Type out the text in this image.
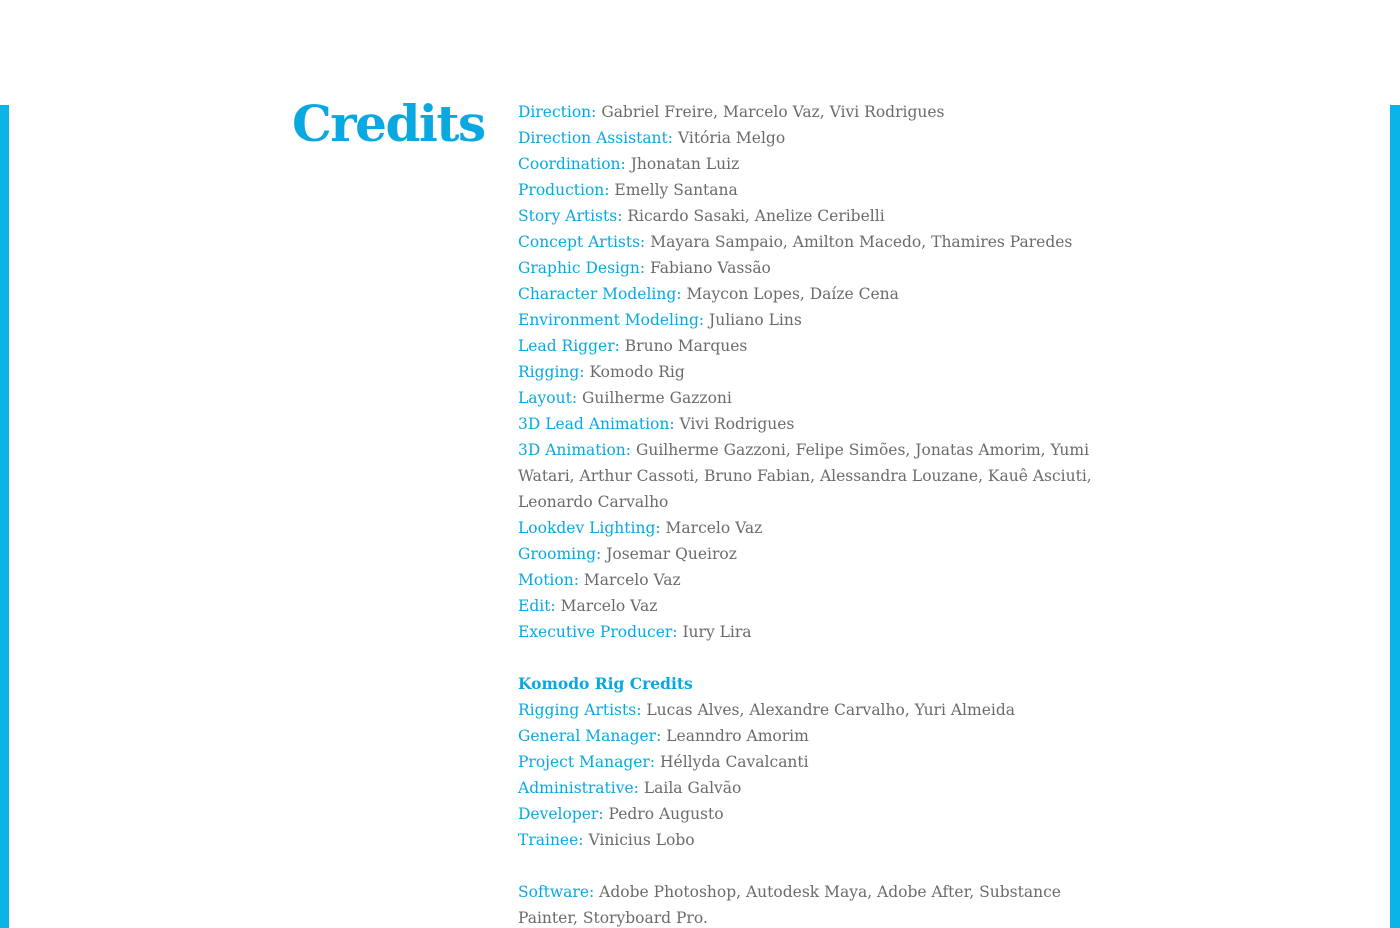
Credits Direction: Gabriel Freire, Marcelo Vaz, Vivi Rodrigues

Direction Assistant: Vitória Melgo

Coordination: Jhonatan Luiz

Production: Emelly Santana

Story Artists: Ricardo Sasaki, Anelize Ceribelli

Concept Artists: Mayara Sampaio, Amilton Macedo, Thamires Paredes

Graphic Design: Fabiano Vassão

Character Modeling: Maycon Lopes, Daíze Cena

Environment Modeling: Juliano Lins

Lead Rigger: Bruno Marques

Rigging: Komodo Rig

Layout: Guilherme Gazzoni

3D Lead Animation: Vivi Rodrigues

3D Animation: Guilherme Gazzoni, Felipe Simões, Jonatas Amorim, Yumi Watari, Arthur Cassoti, Bruno Fabian, Alessandra Louzane, Kauê Asciuti, Leonardo Carvalho

Lookdev Lighting: Marcelo Vaz

Grooming: Josemar Queiroz

Motion: Marcelo Vaz

Edit: Marcelo Vaz

Executive Producer: Iury Lira

Komodo Rig Credits

Rigging Artists: Lucas Alves, Alexandre Carvalho, Yuri Almeida

General Manager: Leanndro Amorim

Project Manager: Héllyda Cavalcanti

Administrative: Laila Galvão

Developer: Pedro Augusto

Trainee: Vinicius Lobo

Software: Adobe Photoshop, Autodesk Maya, Adobe After, Substance Painter, Storyboard Pro.
